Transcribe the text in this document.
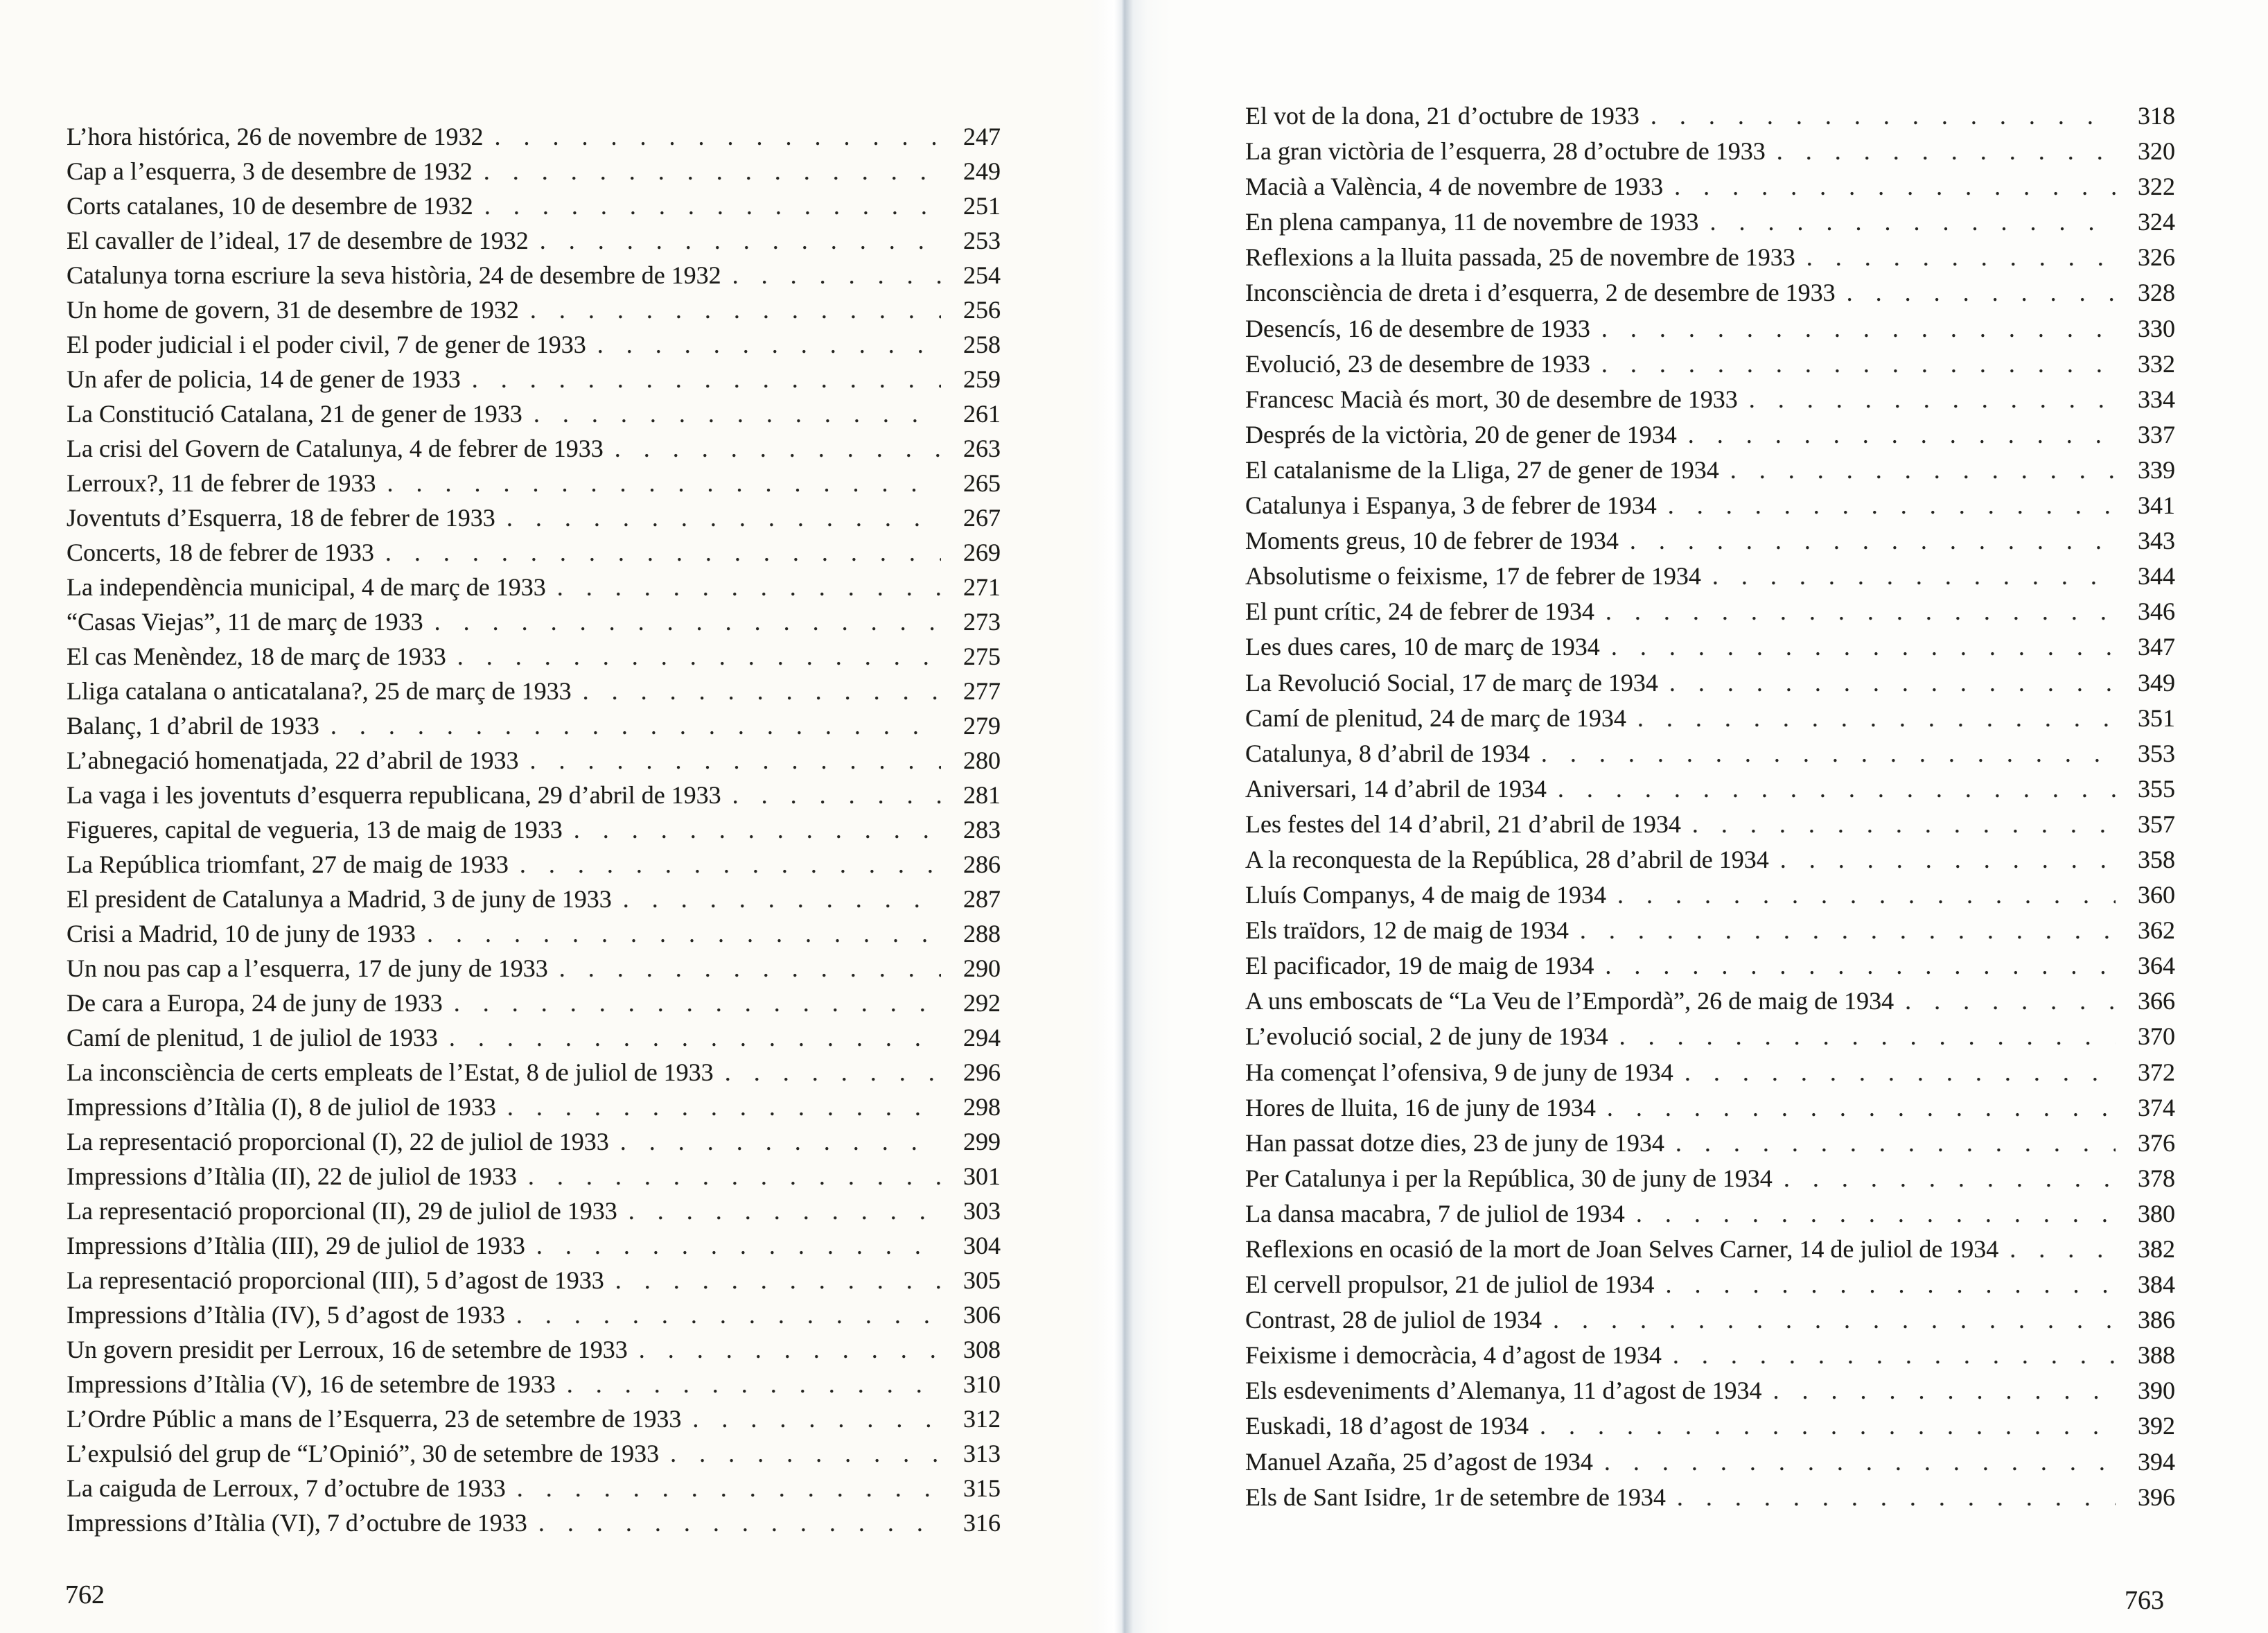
L’hora histórica, 26 de novembre de 1932 . . .	247
Cap a l’esquerra, 3 de desembre de 1932 . . .	249
Corts catalanes, 10 de desembre de 1932 . . .	251
El cavaller de l’ideal, 17 de desembre de 1932 . . .	253
Catalunya torna escriure la seva història, 24 de desembre de 1932 . . .	254
Un home de govern, 31 de desembre de 1932 . . .	256
El poder judicial i el poder civil, 7 de gener de 1933 . . .	258
Un afer de policia, 14 de gener de 1933 . . .	259
La Constitució Catalana, 21 de gener de 1933 . . .	261
La crisi del Govern de Catalunya, 4 de febrer de 1933 . . .	263
Lerroux?, 11 de febrer de 1933 . . .	265
Joventuts d’Esquerra, 18 de febrer de 1933 . . .	267
Concerts, 18 de febrer de 1933 . . .	269
La independència municipal, 4 de març de 1933 . . .	271
“Casas Viejas”, 11 de març de 1933 . . .	273
El cas Menèndez, 18 de març de 1933 . . .	275
Lliga catalana o anticatalana?, 25 de març de 1933 . . .	277
Balanç, 1 d’abril de 1933 . . .	279
L’abnegació homenatjada, 22 d’abril de 1933 . . .	280
La vaga i les joventuts d’esquerra republicana, 29 d’abril de 1933 . . .	281
Figueres, capital de vegueria, 13 de maig de 1933 . . .	283
La República triomfant, 27 de maig de 1933 . . .	286
El president de Catalunya a Madrid, 3 de juny de 1933 . . .	287
Crisi a Madrid, 10 de juny de 1933 . . .	288
Un nou pas cap a l’esquerra, 17 de juny de 1933 . . .	290
De cara a Europa, 24 de juny de 1933 . . .	292
Camí de plenitud, 1 de juliol de 1933 . . .	294
La inconsciència de certs empleats de l’Estat, 8 de juliol de 1933 . . .	296
Impressions d’Itàlia (I), 8 de juliol de 1933 . . .	298
La representació proporcional (I), 22 de juliol de 1933 . . .	299
Impressions d’Itàlia (II), 22 de juliol de 1933 . . .	301
La representació proporcional (II), 29 de juliol de 1933 . . .	303
Impressions d’Itàlia (III), 29 de juliol de 1933 . . .	304
La representació proporcional (III), 5 d’agost de 1933 . . .	305
Impressions d’Itàlia (IV), 5 d’agost de 1933 . . .	306
Un govern presidit per Lerroux, 16 de setembre de 1933 . . .	308
Impressions d’Itàlia (V), 16 de setembre de 1933 . . .	310
L’Ordre Públic a mans de l’Esquerra, 23 de setembre de 1933 . . .	312
L’expulsió del grup de “L’Opinió”, 30 de setembre de 1933 . . .	313
La caiguda de Lerroux, 7 d’octubre de 1933 . . .	315
Impressions d’Itàlia (VI), 7 d’octubre de 1933 . . .	316
El vot de la dona, 21 d’octubre de 1933 . . .	318
La gran victòria de l’esquerra, 28 d’octubre de 1933 . . .	320
Macià a València, 4 de novembre de 1933 . . .	322
En plena campanya, 11 de novembre de 1933 . . .	324
Reflexions a la lluita passada, 25 de novembre de 1933 . . .	326
Inconsciència de dreta i d’esquerra, 2 de desembre de 1933 . . .	328
Desencís, 16 de desembre de 1933 . . .	330
Evolució, 23 de desembre de 1933 . . .	332
Francesc Macià és mort, 30 de desembre de 1933 . . .	334
Després de la victòria, 20 de gener de 1934 . . .	337
El catalanisme de la Lliga, 27 de gener de 1934 . . .	339
Catalunya i Espanya, 3 de febrer de 1934 . . .	341
Moments greus, 10 de febrer de 1934 . . .	343
Absolutisme o feixisme, 17 de febrer de 1934 . . .	344
El punt crític, 24 de febrer de 1934 . . .	346
Les dues cares, 10 de març de 1934 . . .	347
La Revolució Social, 17 de març de 1934 . . .	349
Camí de plenitud, 24 de març de 1934 . . .	351
Catalunya, 8 d’abril de 1934 . . .	353
Aniversari, 14 d’abril de 1934 . . .	355
Les festes del 14 d’abril, 21 d’abril de 1934 . . .	357
A la reconquesta de la República, 28 d’abril de 1934 . . .	358
Lluís Companys, 4 de maig de 1934 . . .	360
Els traïdors, 12 de maig de 1934 . . .	362
El pacificador, 19 de maig de 1934 . . .	364
A uns emboscats de “La Veu de l’Empordà”, 26 de maig de 1934 . . .	366
L’evolució social, 2 de juny de 1934 . . .	370
Ha començat l’ofensiva, 9 de juny de 1934 . . .	372
Hores de lluita, 16 de juny de 1934 . . .	374
Han passat dotze dies, 23 de juny de 1934 . . .	376
Per Catalunya i per la República, 30 de juny de 1934 . . .	378
La dansa macabra, 7 de juliol de 1934 . . .	380
Reflexions en ocasió de la mort de Joan Selves Carner, 14 de juliol de 1934 . . .	382
El cervell propulsor, 21 de juliol de 1934 . . .	384
Contrast, 28 de juliol de 1934 . . .	386
Feixisme i democràcia, 4 d’agost de 1934 . . .	388
Els esdeveniments d’Alemanya, 11 d’agost de 1934 . . .	390
Euskadi, 18 d’agost de 1934 . . .	392
Manuel Azaña, 25 d’agost de 1934 . . .	394
Els de Sant Isidre, 1r de setembre de 1934 . . .	396
762	763
